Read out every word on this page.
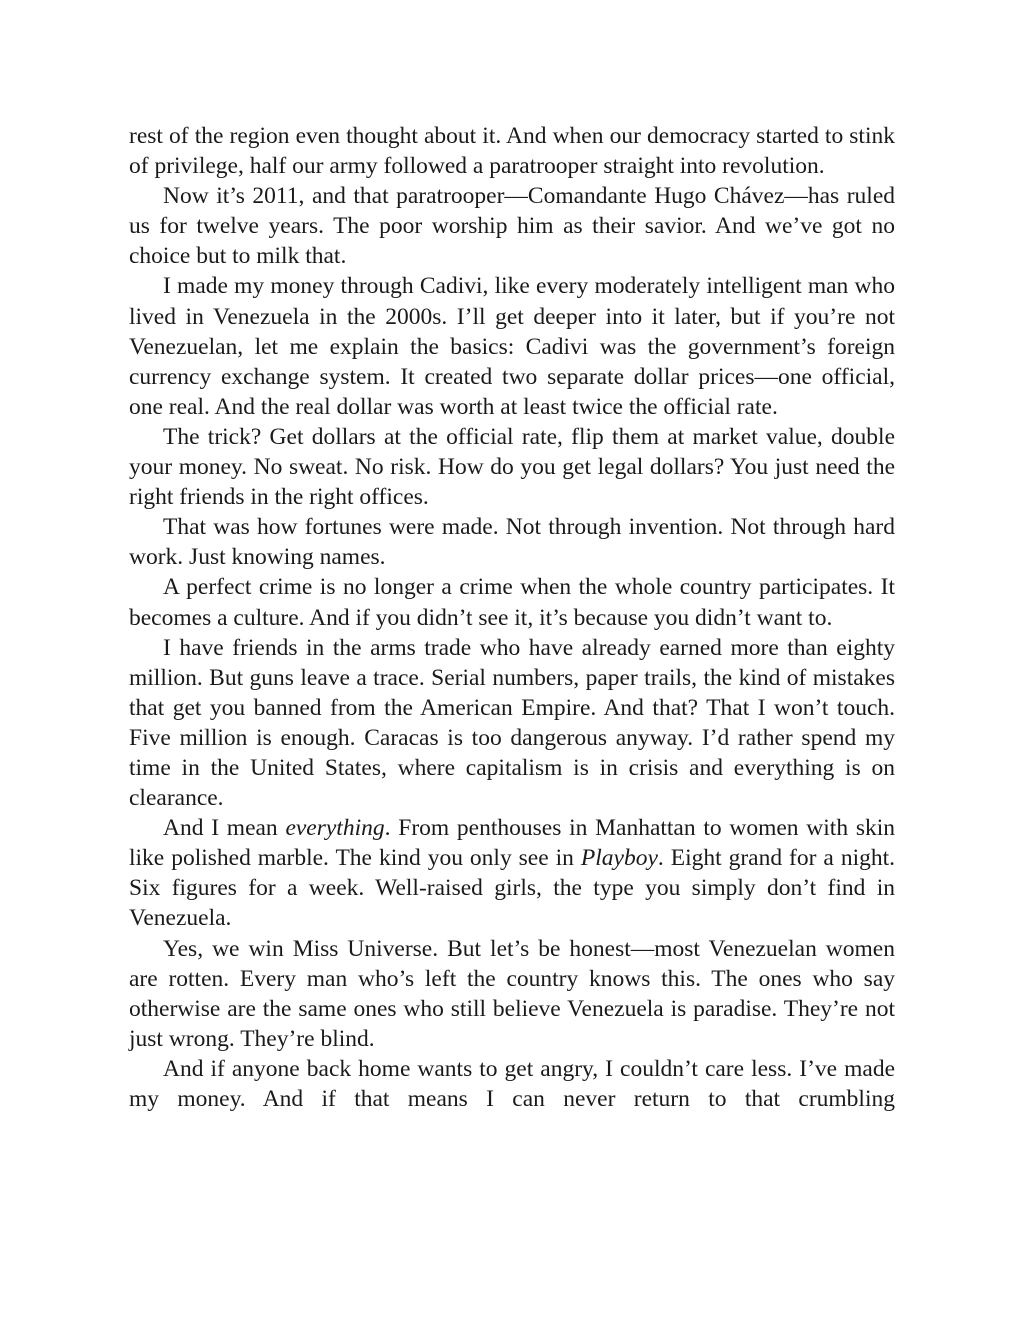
rest of the region even thought about it. And when our democracy started to stink of privilege, half our army followed a paratrooper straight into revolution.

Now it’s 2011, and that paratrooper—Comandante Hugo Chávez—has ruled us for twelve years. The poor worship him as their savior. And we’ve got no choice but to milk that.

I made my money through Cadivi, like every moderately intelligent man who lived in Venezuela in the 2000s. I’ll get deeper into it later, but if you’re not Venezuelan, let me explain the basics: Cadivi was the government’s foreign currency exchange system. It created two separate dollar prices—one official, one real. And the real dollar was worth at least twice the official rate.

The trick? Get dollars at the official rate, flip them at market value, double your money. No sweat. No risk. How do you get legal dollars? You just need the right friends in the right offices.

That was how fortunes were made. Not through invention. Not through hard work. Just knowing names.

A perfect crime is no longer a crime when the whole country participates. It becomes a culture. And if you didn’t see it, it’s because you didn’t want to.

I have friends in the arms trade who have already earned more than eighty million. But guns leave a trace. Serial numbers, paper trails, the kind of mistakes that get you banned from the American Empire. And that? That I won’t touch. Five million is enough. Caracas is too dangerous anyway. I’d rather spend my time in the United States, where capitalism is in crisis and everything is on clearance.

And I mean everything. From penthouses in Manhattan to women with skin like polished marble. The kind you only see in Playboy. Eight grand for a night. Six figures for a week. Well-raised girls, the type you simply don’t find in Venezuela.

Yes, we win Miss Universe. But let’s be honest—most Venezuelan women are rotten. Every man who’s left the country knows this. The ones who say otherwise are the same ones who still believe Venezuela is paradise. They’re not just wrong. They’re blind.

And if anyone back home wants to get angry, I couldn’t care less. I’ve made my money. And if that means I can never return to that crumbling
